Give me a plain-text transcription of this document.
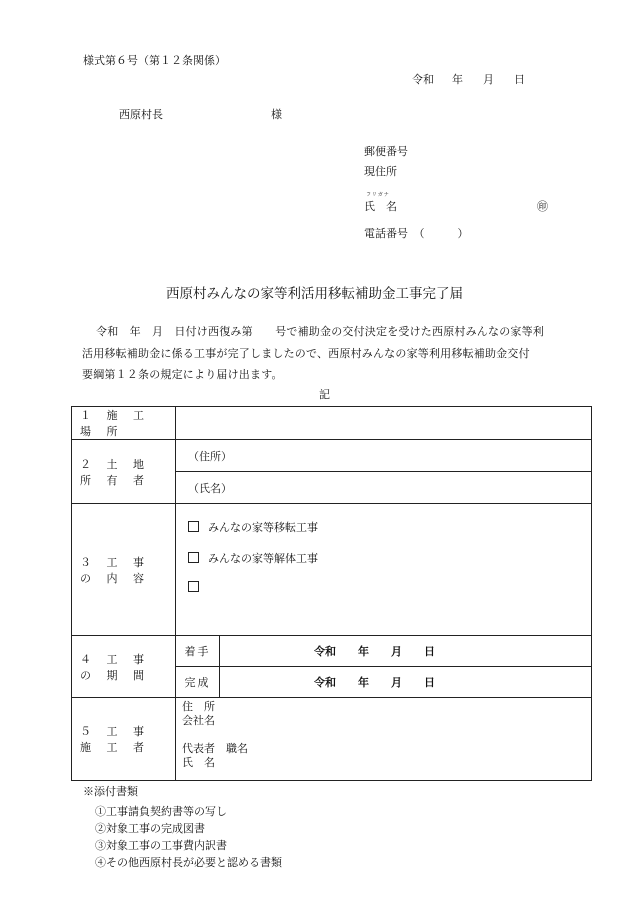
様式第６号（第１２条関係）
令和 年 月 日
西原村長	様
郵便番号
現住所
フリガナ
氏　名	㊞
電話番号　（　　　）
西原村みんなの家等利活用移転補助金工事完了届
令和　年　月　日付け西復み第　　号で補助金の交付決定を受けた西原村みんなの家等利
活用移転補助金に係る工事が完了しましたので、西原村みんなの家等利用移転補助金交付
要綱第１２条の規定により届け出ます。
記
１ 施 工 場 所		
２ 土 地 所 有 者	（住所）	
	（氏名）	
３ 工 事 の 内 容	みんなの家等移転工事
みんなの家等解体工事	

４ 工 事 の 期 間	着手	令和 年 月 日
	完成	令和 年 月 日
５ 工 事 施 工 者	住　所
会社名
代表者　職名
氏　名	
※添付書類
①工事請負契約書等の写し
②対象工事の完成図書
③対象工事の工事費内訳書
④その他西原村長が必要と認める書類
